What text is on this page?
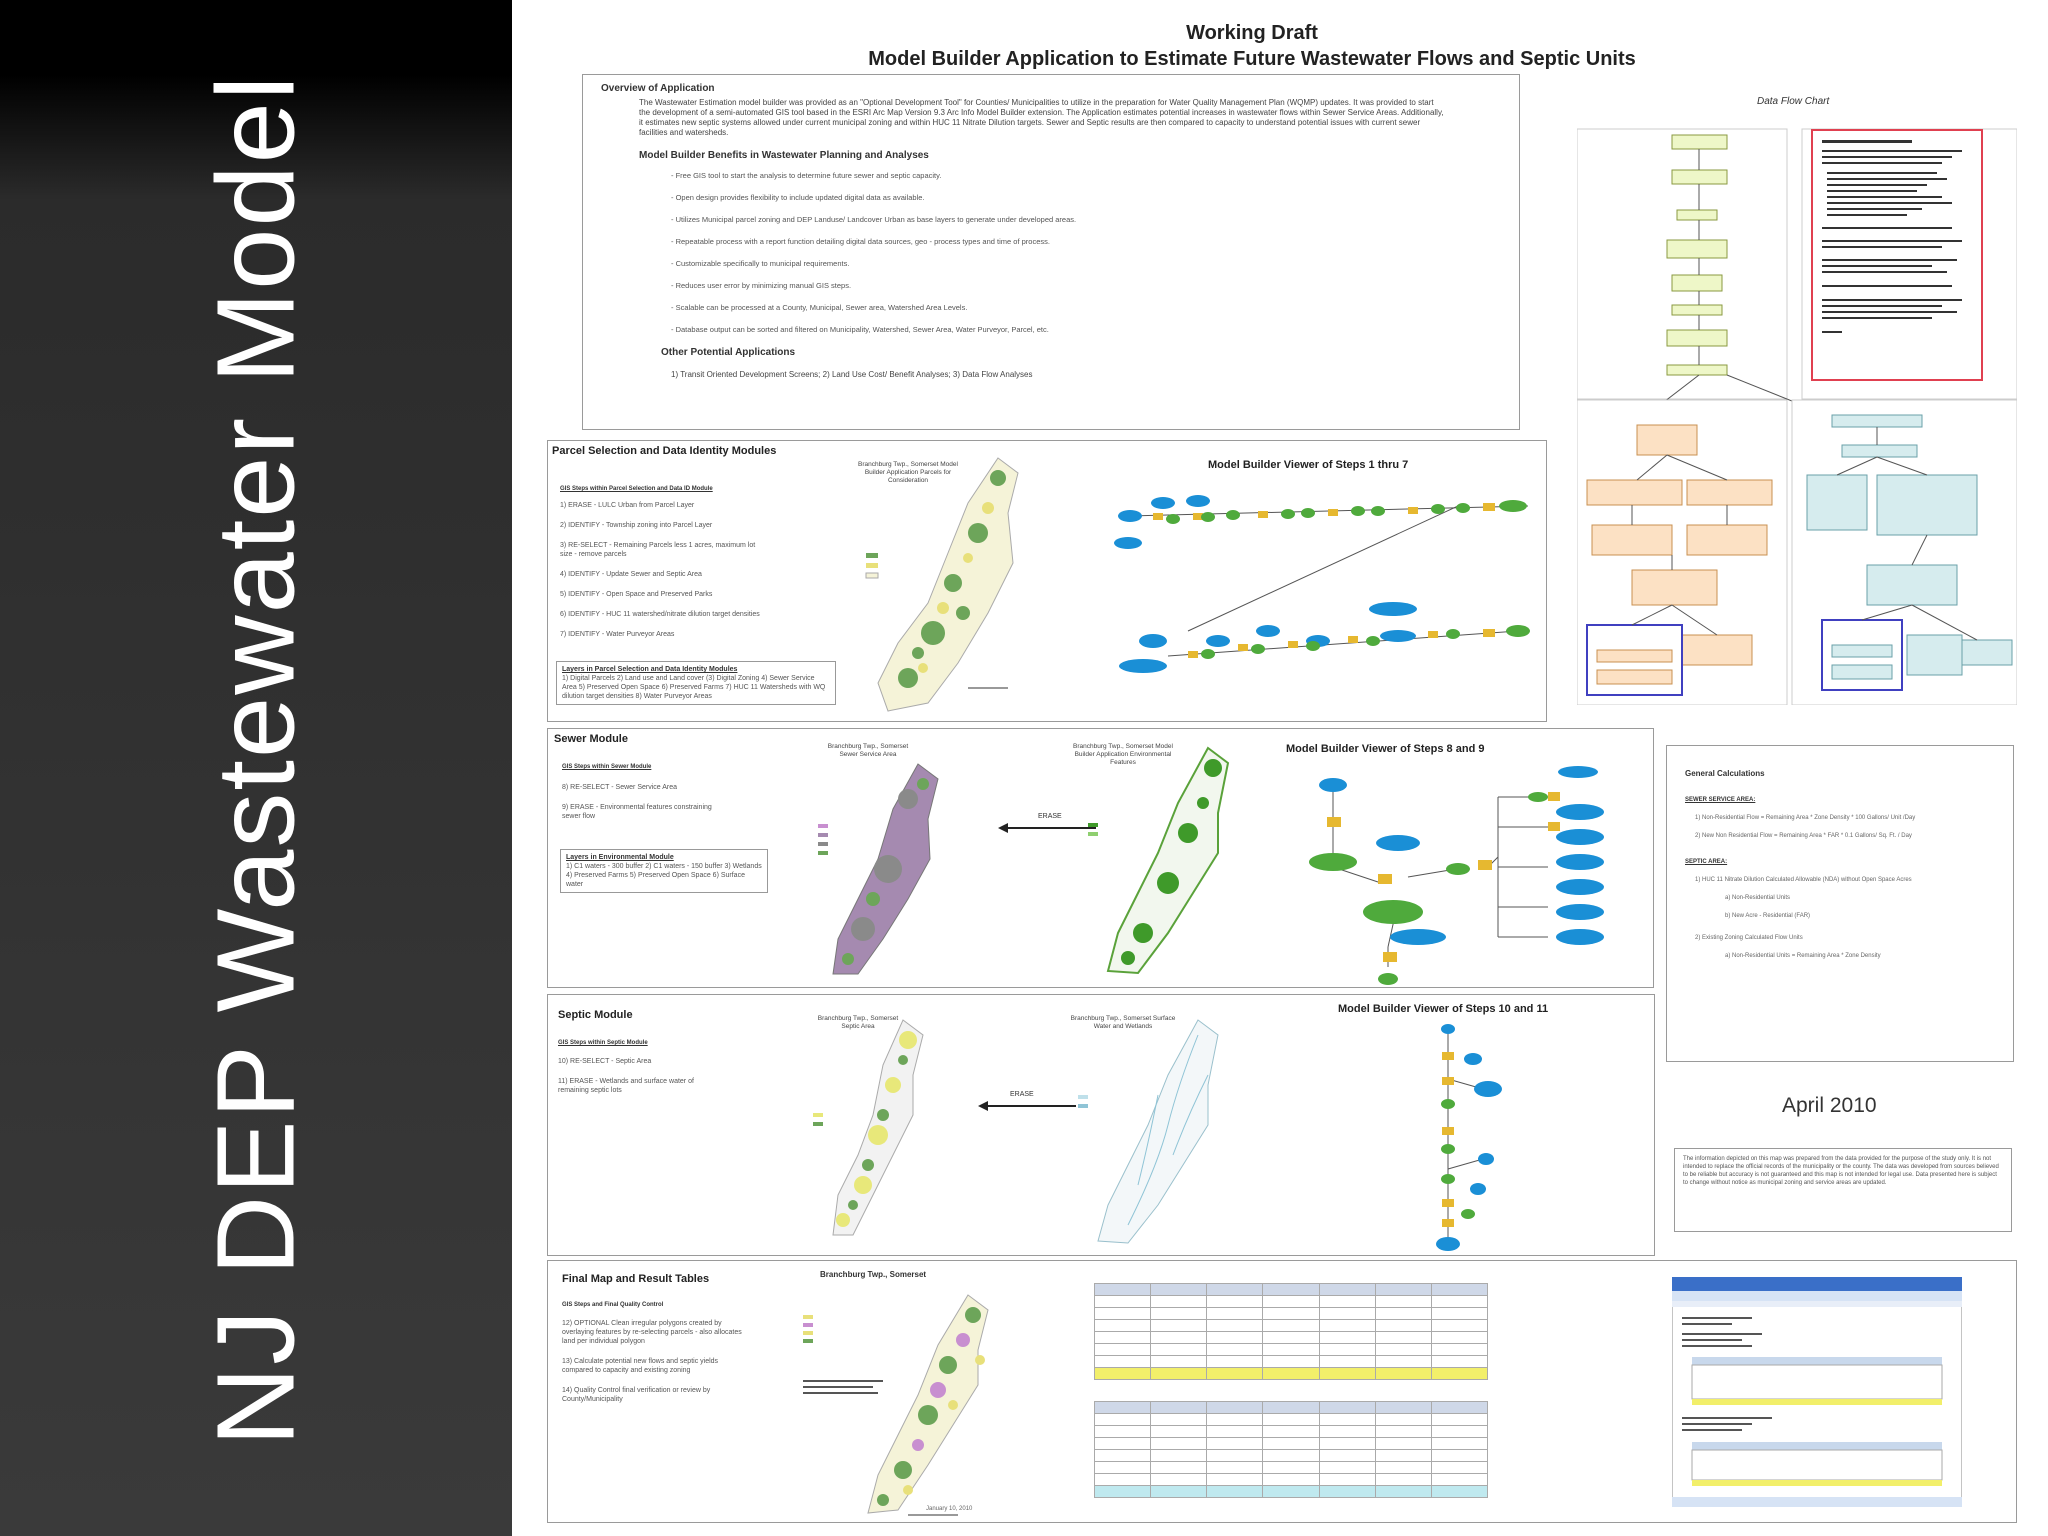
NJ DEP Wastewater Model
Working Draft
Model Builder Application to Estimate Future Wastewater Flows and Septic Units
Overview of Application
The Wastewater Estimation model builder was provided as an "Optional Development Tool" for Counties/ Municipalities to utilize in the preparation for Water Quality Management Plan (WQMP) updates. It was provided to start the development of a semi-automated GIS tool based in the ESRI Arc Map Version 9.3 Arc Info Model Builder extension. The Application estimates potential increases in wastewater flows within Sewer Service Areas. Additionally, it estimates new septic systems allowed under current municipal zoning and within HUC 11 Nitrate Dilution targets. Sewer and Septic results are then compared to capacity to understand potential issues with current sewer facilities and watersheds.
Model Builder Benefits in Wastewater Planning and Analyses
- Free GIS tool to start the analysis to determine future sewer and septic capacity.
- Open design provides flexibility to include updated digital data as available.
- Utilizes Municipal parcel zoning and DEP Landuse/ Landcover Urban as base layers to generate under developed areas.
- Repeatable process with a report function detailing digital data sources, geo - process types and time of process.
- Customizable specifically to municipal requirements.
- Reduces user error by minimizing manual GIS steps.
- Scalable can be processed at a County, Municipal, Sewer area, Watershed Area Levels.
- Database output can be sorted and filtered on Municipality, Watershed, Sewer Area, Water Purveyor, Parcel, etc.
Other Potential Applications
1) Transit Oriented Development Screens; 2) Land Use Cost/ Benefit Analyses; 3) Data Flow Analyses
Data Flow Chart
Parcel Selection and Data Identity Modules
GIS Steps within Parcel Selection and Data ID Module
1) ERASE - LULC Urban from Parcel Layer
2) IDENTIFY - Township zoning into Parcel Layer
3) RE-SELECT - Remaining Parcels less 1 acres, maximum lot size - remove parcels
4) IDENTIFY - Update Sewer and Septic Area
5) IDENTIFY - Open Space and Preserved Parks
6) IDENTIFY - HUC 11 watershed/nitrate dilution target densities
7) IDENTIFY - Water Purveyor Areas
Layers in Parcel Selection and Data Identity Modules
1) Digital Parcels 2) Land use and Land cover (3) Digital Zoning 4) Sewer Service Area 5) Preserved Open Space 6) Preserved Farms 7) HUC 11 Watersheds with WQ dilution target densities 8) Water Purveyor Areas
Branchburg Twp., Somerset Model Builder Application Parcels for Consideration
Model Builder Viewer of Steps 1 thru 7
Sewer Module
GIS Steps within Sewer Module
8) RE-SELECT - Sewer Service Area
9) ERASE - Environmental features constraining sewer flow
Layers in Environmental Module
1) C1 waters - 300 buffer 2) C1 waters - 150 buffer 3) Wetlands 4) Preserved Farms 5) Preserved Open Space 6) Surface water
Branchburg Twp., Somerset Sewer Service Area
ERASE
Branchburg Twp., Somerset Model Builder Application Environmental Features
Model Builder Viewer of Steps 8 and 9
Septic Module
GIS Steps within Septic Module
10) RE-SELECT - Septic Area
11) ERASE - Wetlands and surface water of remaining septic lots
Branchburg Twp., Somerset Septic Area
ERASE
Branchburg Twp., Somerset Surface Water and Wetlands
Model Builder Viewer of Steps 10 and 11
General Calculations
SEWER SERVICE AREA:
1) Non-Residential Flow = Remaining Area * Zone Density * 100 Gallons/ Unit /Day
2) New Non Residential Flow = Remaining Area * FAR * 0.1 Gallons/ Sq. Ft. / Day
SEPTIC AREA:
1) HUC 11 Nitrate Dilution Calculated Allowable (NDA) without Open Space Acres
a) Non-Residential Units
b) New Acre - Residential (FAR)
2) Existing Zoning Calculated Flow Units
a) Non-Residential Units = Remaining Area * Zone Density
April 2010
The information depicted on this map was prepared from the data provided for the purpose of the study only. It is not intended to replace the official records of the municipality or the county. The data was developed from sources believed to be reliable but accuracy is not guaranteed and this map is not intended for legal use. Data presented here is subject to change without notice as municipal zoning and service areas are updated.
Final Map and Result Tables
GIS Steps and Final Quality Control
12) OPTIONAL Clean irregular polygons created by overlaying features by re-selecting parcels - also allocates land per individual polygon
13) Calculate potential new flows and septic yields compared to capacity and existing zoning
14) Quality Control final verification or review by County/Municipality
Branchburg Twp., Somerset
January 10, 2010
